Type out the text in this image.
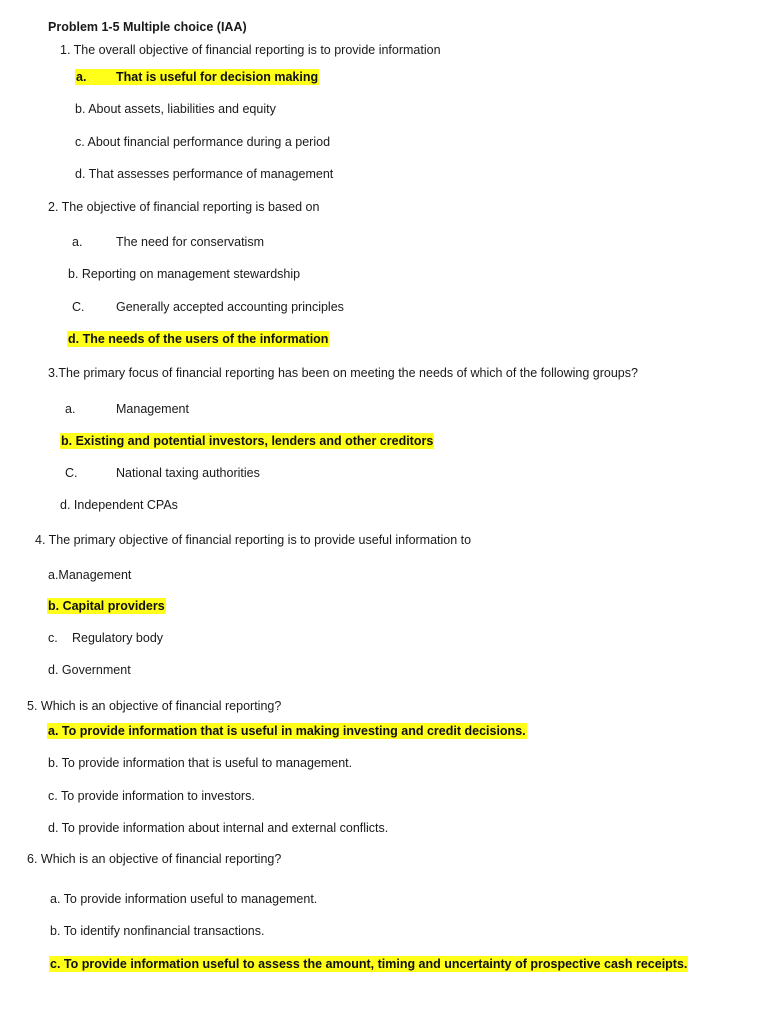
Problem 1-5 Multiple choice (IAA)
1. The overall objective of financial reporting is to provide information
a. That is useful for decision making
b. About assets, liabilities and equity
c. About financial performance during a period
d. That assesses performance of management
2. The objective of financial reporting is based on
a.	The need for conservatism
b. Reporting on management stewardship
C.	Generally accepted accounting principles
d. The needs of the users of the information
3.The primary focus of financial reporting has been on meeting the needs of which of the following groups?
a.	Management
b. Existing and potential investors, lenders and other creditors
C.	National taxing authorities
d. Independent CPAs
4. The primary objective of financial reporting is to provide useful information to
a.Management
b. Capital providers
c. Regulatory body
d. Government
5. Which is an objective of financial reporting?
a. To provide information that is useful in making investing and credit decisions.
b. To provide information that is useful to management.
c. To provide information to investors.
d. To provide information about internal and external conflicts.
6. Which is an objective of financial reporting?
a. To provide information useful to management.
b. To identify nonfinancial transactions.
c. To provide information useful to assess the amount, timing and uncertainty of prospective cash receipts.
